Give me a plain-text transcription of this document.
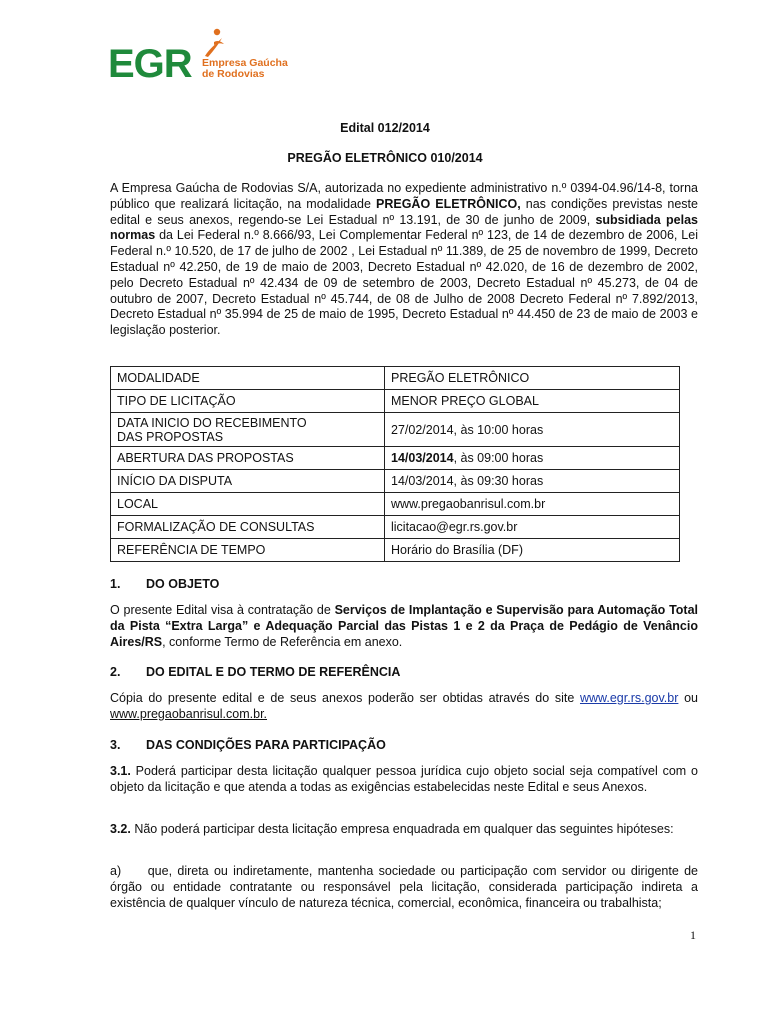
EGR Empresa Gaúcha
de Rodovias
Edital 012/2014
PREGÃO ELETRÔNICO 010/2014
A Empresa Gaúcha de Rodovias S/A, autorizada no expediente administrativo n.º 0394-04.96/14-8, torna público que realizará licitação, na modalidade PREGÃO ELETRÔNICO, nas condições previstas neste edital e seus anexos, regendo-se Lei Estadual nº 13.191, de 30 de junho de 2009, subsidiada pelas normas da Lei Federal n.º 8.666/93, Lei Complementar Federal nº 123, de 14 de dezembro de 2006, Lei Federal n.º 10.520, de 17 de julho de 2002 , Lei Estadual nº 11.389, de 25 de novembro de 1999, Decreto Estadual nº 42.250, de 19 de maio de 2003, Decreto Estadual nº 42.020, de 16 de dezembro de 2002, pelo Decreto Estadual nº 42.434 de 09 de setembro de 2003, Decreto Estadual nº 45.273, de 04 de outubro de 2007, Decreto Estadual nº 45.744, de 08 de Julho de 2008 Decreto Federal nº 7.892/2013, Decreto Estadual nº 35.994 de 25 de maio de 1995, Decreto Estadual nº 44.450 de 23 de maio de 2003 e legislação posterior.
MODALIDADE	PREGÃO ELETRÔNICO
TIPO DE LICITAÇÃO	MENOR PREÇO GLOBAL

DATA INICIO DO RECEBIMENTO
DAS PROPOSTAS	27/02/2014, às 10:00 horas
ABERTURA DAS PROPOSTAS	14/03/2014, às 09:00 horas
INÍCIO DA DISPUTA	14/03/2014, às 09:30 horas
LOCAL	www.pregaobanrisul.com.br
FORMALIZAÇÃO DE CONSULTAS	licitacao@egr.rs.gov.br
REFERÊNCIA DE TEMPO	Horário do Brasília (DF)
1. DO OBJETO
O presente Edital visa à contratação de Serviços de Implantação e Supervisão para Automação Total da Pista “Extra Larga” e Adequação Parcial das Pistas 1 e 2 da Praça de Pedágio de Venâncio Aires/RS, conforme Termo de Referência em anexo.
2. DO EDITAL E DO TERMO DE REFERÊNCIA
Cópia do presente edital e de seus anexos poderão ser obtidas através do site www.egr.rs.gov.br ou www.pregaobanrisul.com.br.
3. DAS CONDIÇÕES PARA PARTICIPAÇÃO
3.1. Poderá participar desta licitação qualquer pessoa jurídica cujo objeto social seja compatível com o objeto da licitação e que atenda a todas as exigências estabelecidas neste Edital e seus Anexos.
3.2. Não poderá participar desta licitação empresa enquadrada em qualquer das seguintes hipóteses:
a)     que, direta ou indiretamente, mantenha sociedade ou participação com servidor ou dirigente de órgão ou entidade contratante ou responsável pela licitação, considerada participação indireta a existência de qualquer vínculo de natureza técnica, comercial, econômica, financeira ou trabalhista;
1
